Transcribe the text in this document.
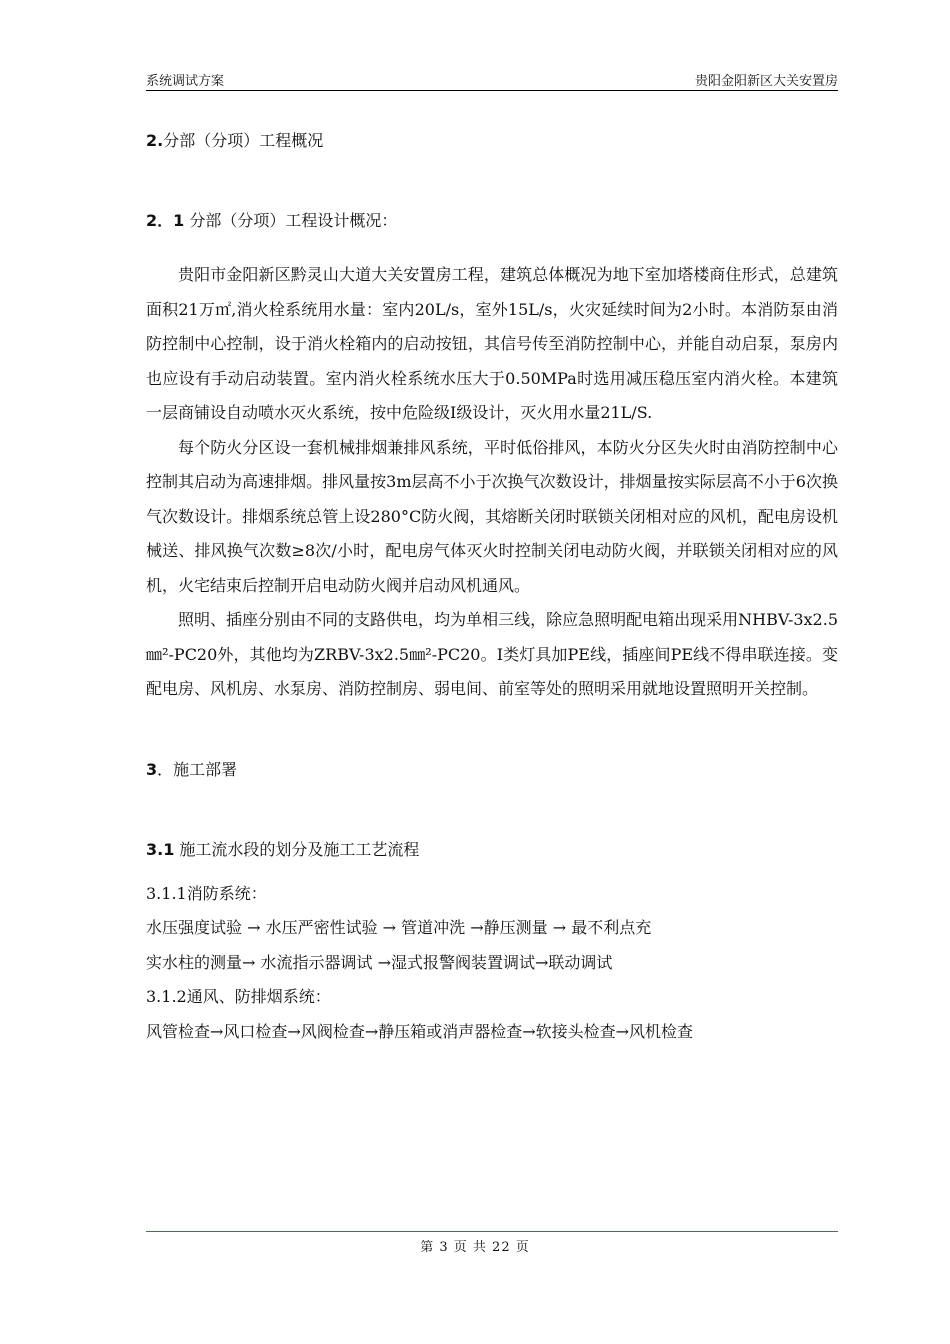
系统调试方案	贵阳金阳新区大关安置房

2.分部（分项）工程概况

2．1 分部（分项）工程设计概况：

贵阳市金阳新区黔灵山大道大关安置房工程，建筑总体概况为地下室加塔楼商住形式，总建筑面积21万㎡,消火栓系统用水量：室内20L/s，室外15L/s，火灾延续时间为2小时。本消防泵由消防控制中心控制，设于消火栓箱内的启动按钮，其信号传至消防控制中心，并能自动启泵，泵房内也应设有手动启动装置。室内消火栓系统水压大于0.50MPa时选用减压稳压室内消火栓。本建筑一层商铺设自动喷水灭火系统，按中危险级Ⅰ级设计，灭火用水量21L/S.

每个防火分区设一套机械排烟兼排风系统，平时低俗排风，本防火分区失火时由消防控制中心控制其启动为高速排烟。排风量按3m层高不小于次换气次数设计，排烟量按实际层高不小于6次换气次数设计。排烟系统总管上设280°C防火阀，其熔断关闭时联锁关闭相对应的风机，配电房设机械送、排风换气次数≥8次/小时，配电房气体灭火时控制关闭电动防火阀，并联锁关闭相对应的风机，火宅结束后控制开启电动防火阀并启动风机通风。

照明、插座分别由不同的支路供电，均为单相三线，除应急照明配电箱出现采用NHBV-3x2.5㎜²-PC20外，其他均为ZRBV-3x2.5㎜²-PC20。I类灯具加PE线，插座间PE线不得串联连接。变配电房、风机房、水泵房、消防控制房、弱电间、前室等处的照明采用就地设置照明开关控制。

3．施工部署

3.1 施工流水段的划分及施工工艺流程

3.1.1消防系统：

水压强度试验 → 水压严密性试验 → 管道冲洗 →静压测量 → 最不利点充

实水柱的测量→ 水流指示器调试 →湿式报警阀装置调试→联动调试

3.1.2通风、防排烟系统：

风管检查→风口检查→风阀检查→静压箱或消声器检查→软接头检查→风机检查

第 3 页 共 22 页
